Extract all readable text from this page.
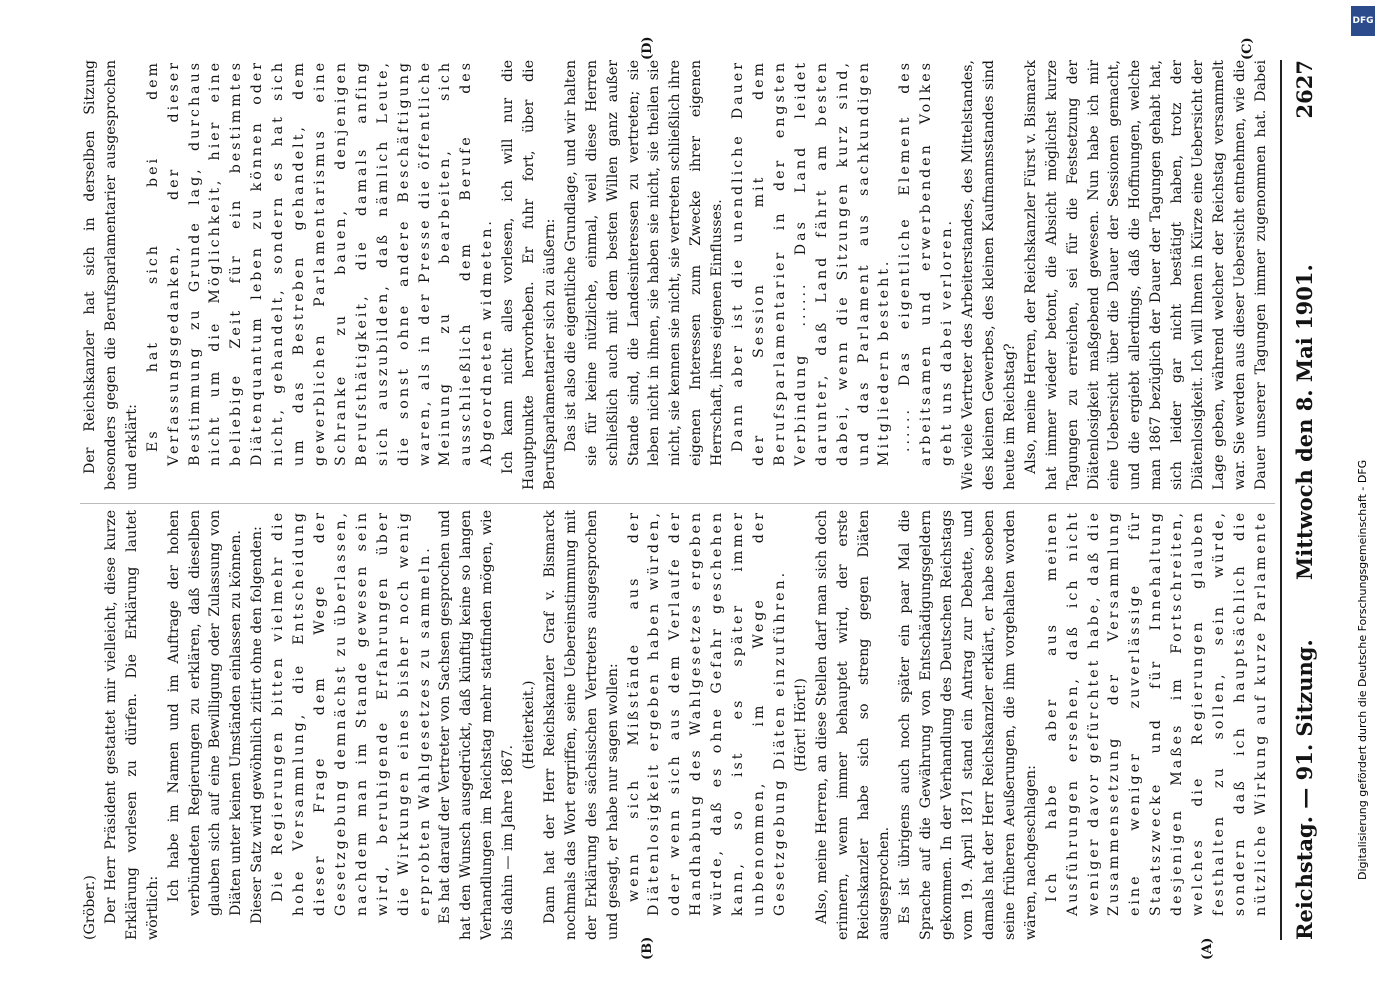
Reichstag. — 91. Sitzung.
Mittwoch den 8. Mai 1901.
2627
(A)
(B)
(C)
(D)

(Gröber.) Der Herr Präsident gestattet mir vielleicht, diese kurze Erklärung vorlesen zu dürfen. Die Erklärung lautet wörtlich:

Ich habe im Namen und im Auftrage der hohen verbündeten Regierungen zu erklären, daß dieselben glauben sich auf eine Bewilligung oder Zulassung von Diäten unter keinen Umständen einlassen zu können. Dieser Satz wird gewöhnlich zitirt ohne den folgenden: Die Regierungen bitten vielmehr die hohe Versammlung, die Entscheidung dieser Frage dem Wege der Gesetzgebung demnächst zu überlassen, nachdem man im Stande gewesen sein wird, beruhigende Erfahrungen über die Wirkungen eines bisher noch wenig erprobten Wahlgesetzes zu sammeln. Es hat darauf der Vertreter von Sachsen gesprochen und hat den Wunsch ausgedrückt, daß künftig keine so langen Verhandlungen im Reichstag mehr stattfinden mögen, wie bis dahin — im Jahre 1867.

(Heiterkeit.) Dann hat der Herr Reichskanzler Graf v. Bismarck nochmals das Wort ergriffen, seine Uebereinstimmung mit der Erklärung des sächsischen Vertreters ausgesprochen und gesagt, er habe nur sagen wollen: wenn sich Mißstände aus der Diätenlosigkeit ergeben haben würden, oder wenn sich aus dem Verlaufe der Handhabung des Wahlgesetzes ergeben würde, daß es ohne Gefahr geschehen kann, so ist es später immer unbenommen, im Wege der Gesetzgebung Diäten einzuführen. (Hört! Hört!) Also, meine Herren, an diese Stellen darf man sich doch erinnern, wenn immer behauptet wird, der erste Reichskanzler habe sich so streng gegen Diäten ausgesprochen. Es ist übrigens auch noch später ein paar Mal die Sprache auf die Gewährung von Entschädigungsgeldern gekommen. In der Verhandlung des Deutschen Reichstags vom 19. April 1871 stand ein Antrag zur Debatte, und damals hat der Herr Reichskanzler erklärt, er habe soeben seine früheren Aeußerungen, die ihm vorgehalten worden wären, nachgeschlagen: Ich habe aber aus meinen Ausführungen ersehen, daß ich nicht weniger davor gefürchtet habe, daß die Zusammensetzung der Versammlung eine weniger zuverlässige für Staatszwecke und für Innehaltung desjenigen Maßes im Fortschreiten, welches die Regierungen glauben festhalten zu sollen, sein würde, sondern daß ich hauptsächlich die nützliche Wirkung auf kurze Parlamente

Der Reichskanzler hat sich in derselben Sitzung besonders gegen die Berufsparlamentarier ausgesprochen und erklärt: Es hat sich bei dem Verfassungsgedanken, der dieser Bestimmung zu Grunde lag, durchaus nicht um die Möglichkeit, hier eine beliebige Zeit für ein bestimmtes Diätenquantum leben zu können oder nicht, gehandelt, sondern es hat sich um das Bestreben gehandelt, dem gewerblichen Parlamentarismus eine Schranke zu bauen, denjenigen Berufsthätigkeit, die damals anfing sich auszubilden, daß nämlich Leute, die sonst ohne andere Beschäftigung waren, als in der Presse die öffentliche Meinung zu bearbeiten, sich ausschließlich dem Berufe des Abgeordneten widmeten. Ich kann nicht alles vorlesen, ich will nur die Hauptpunkte hervorheben. Er fuhr fort, über die Berufsparlamentarier sich zu äußern: Das ist also die eigentliche Grundlage, und wir halten sie für keine nützliche, einmal, weil diese Herren schließlich auch mit dem besten Willen ganz außer Stande sind, die Landesinteressen zu vertreten; sie leben nicht in ihnen, sie haben sie nicht, sie theilen sie nicht, sie kennen sie nicht, sie vertreten schließlich ihre eigenen Interessen zum Zwecke ihrer eigenen Herrschaft, ihres eigenen Einflusses. Dann aber ist die unendliche Dauer der Session mit dem Berufsparlamentarier in der engsten Verbindung ...... Das Land leidet darunter, daß Land fährt am besten dabei, wenn die Sitzungen kurz sind, und das Parlament aus sachkundigen Mitgliedern besteht. ...... Das eigentliche Element des arbeitsamen und erwerbenden Volkes geht uns dabei verloren. Wie viele Vertreter des Arbeiterstandes, des Mittelstandes, des kleinen Gewerbes, des kleinen Kaufmannsstandes sind heute im Reichstag? Also, meine Herren, der Reichskanzler Fürst v. Bismarck hat immer wieder betont, die Absicht möglichst kurze Tagungen zu erreichen, sei für die Festsetzung der Diätenlosigkeit maßgebend gewesen. Nun habe ich mir eine Uebersicht über die Dauer der Sessionen gemacht, und die ergiebt allerdings, daß die Hoffnungen, welche man 1867 bezüglich der Dauer der Tagungen gehabt hat, sich leider gar nicht bestätigt haben, trotz der Diätenlosigkeit. Ich will Ihnen in Kürze eine Uebersicht der Lage geben, während welcher der Reichstag versammelt war. Sie werden aus dieser Uebersicht entnehmen, wie die Dauer unserer Tagungen immer zugenommen hat. Dabei

DFG
Digitalisierung gefördert durch die Deutsche Forschungsgemeinschaft - DFG
